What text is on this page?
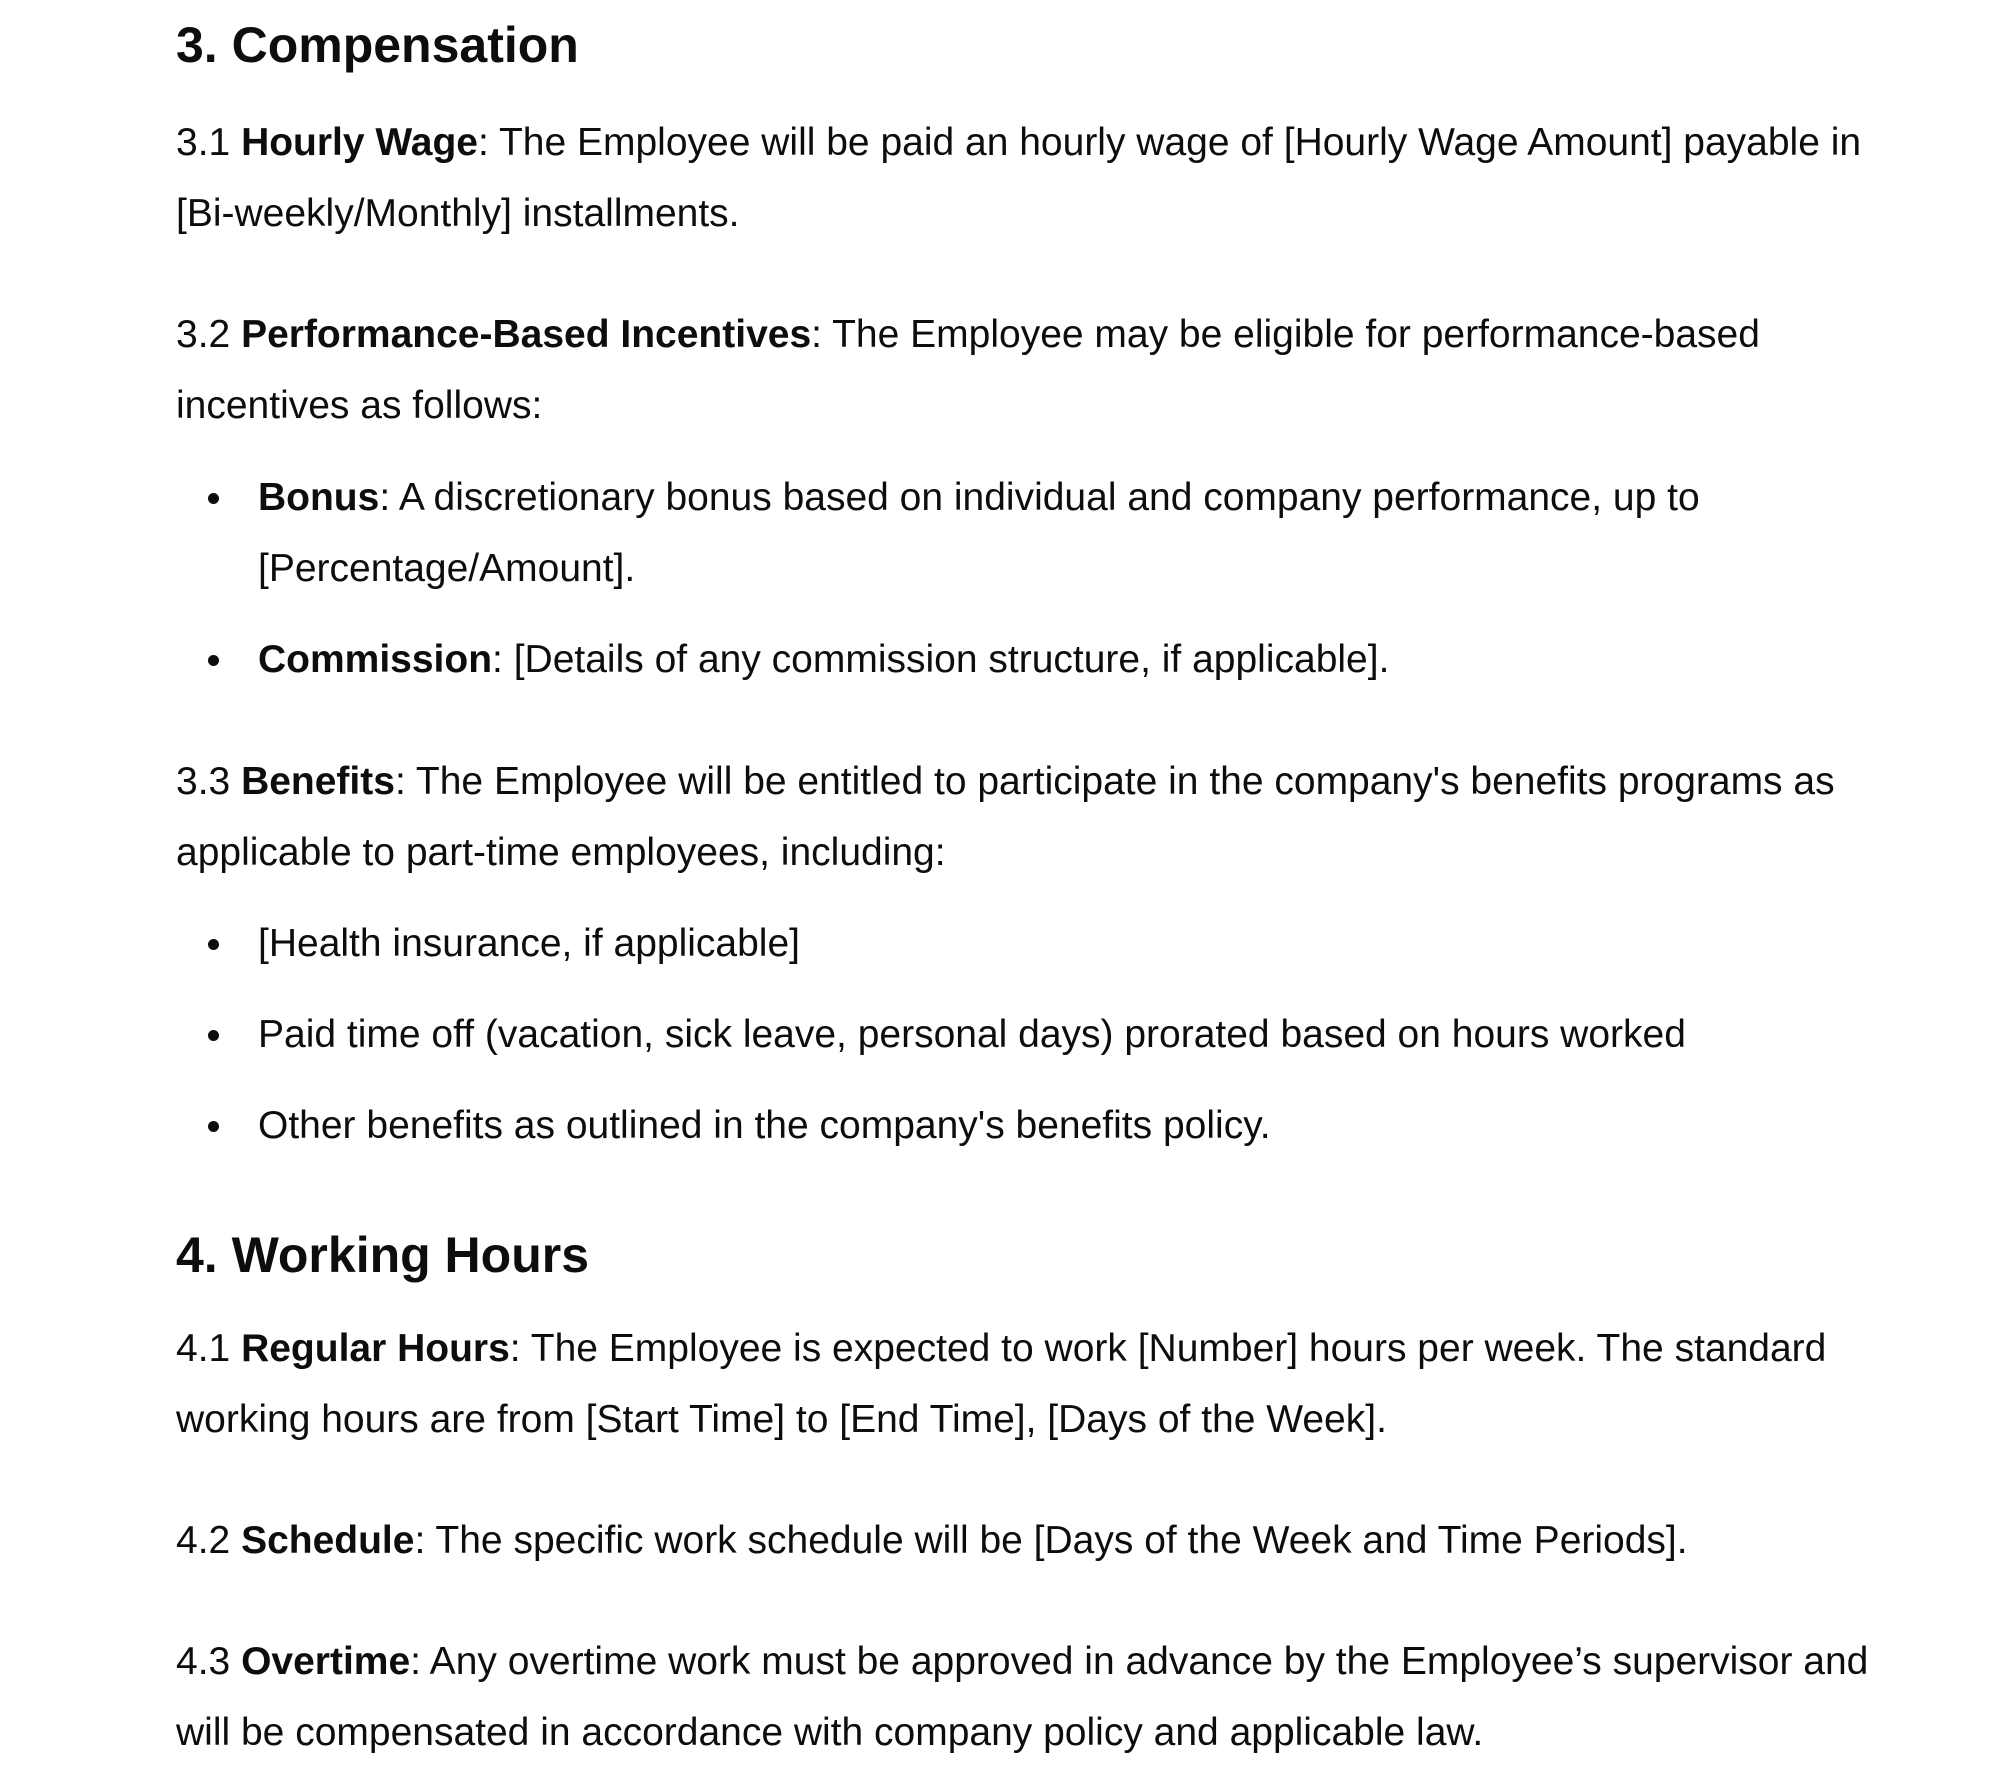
3. Compensation

3.1 Hourly Wage: The Employee will be paid an hourly wage of [Hourly Wage Amount] payable in

[Bi-weekly/Monthly] installments.

3.2 Performance-Based Incentives: The Employee may be eligible for performance-based

incentives as follows:

Bonus: A discretionary bonus based on individual and company performance, up to
[Percentage/Amount].
Commission: [Details of any commission structure, if applicable].

3.3 Benefits: The Employee will be entitled to participate in the company's benefits programs as

applicable to part-time employees, including:

[Health insurance, if applicable]
Paid time off (vacation, sick leave, personal days) prorated based on hours worked
Other benefits as outlined in the company's benefits policy.
4. Working Hours

4.1 Regular Hours: The Employee is expected to work [Number] hours per week. The standard

working hours are from [Start Time] to [End Time], [Days of the Week].

4.2 Schedule: The specific work schedule will be [Days of the Week and Time Periods].

4.3 Overtime: Any overtime work must be approved in advance by the Employee’s supervisor and

will be compensated in accordance with company policy and applicable law.
